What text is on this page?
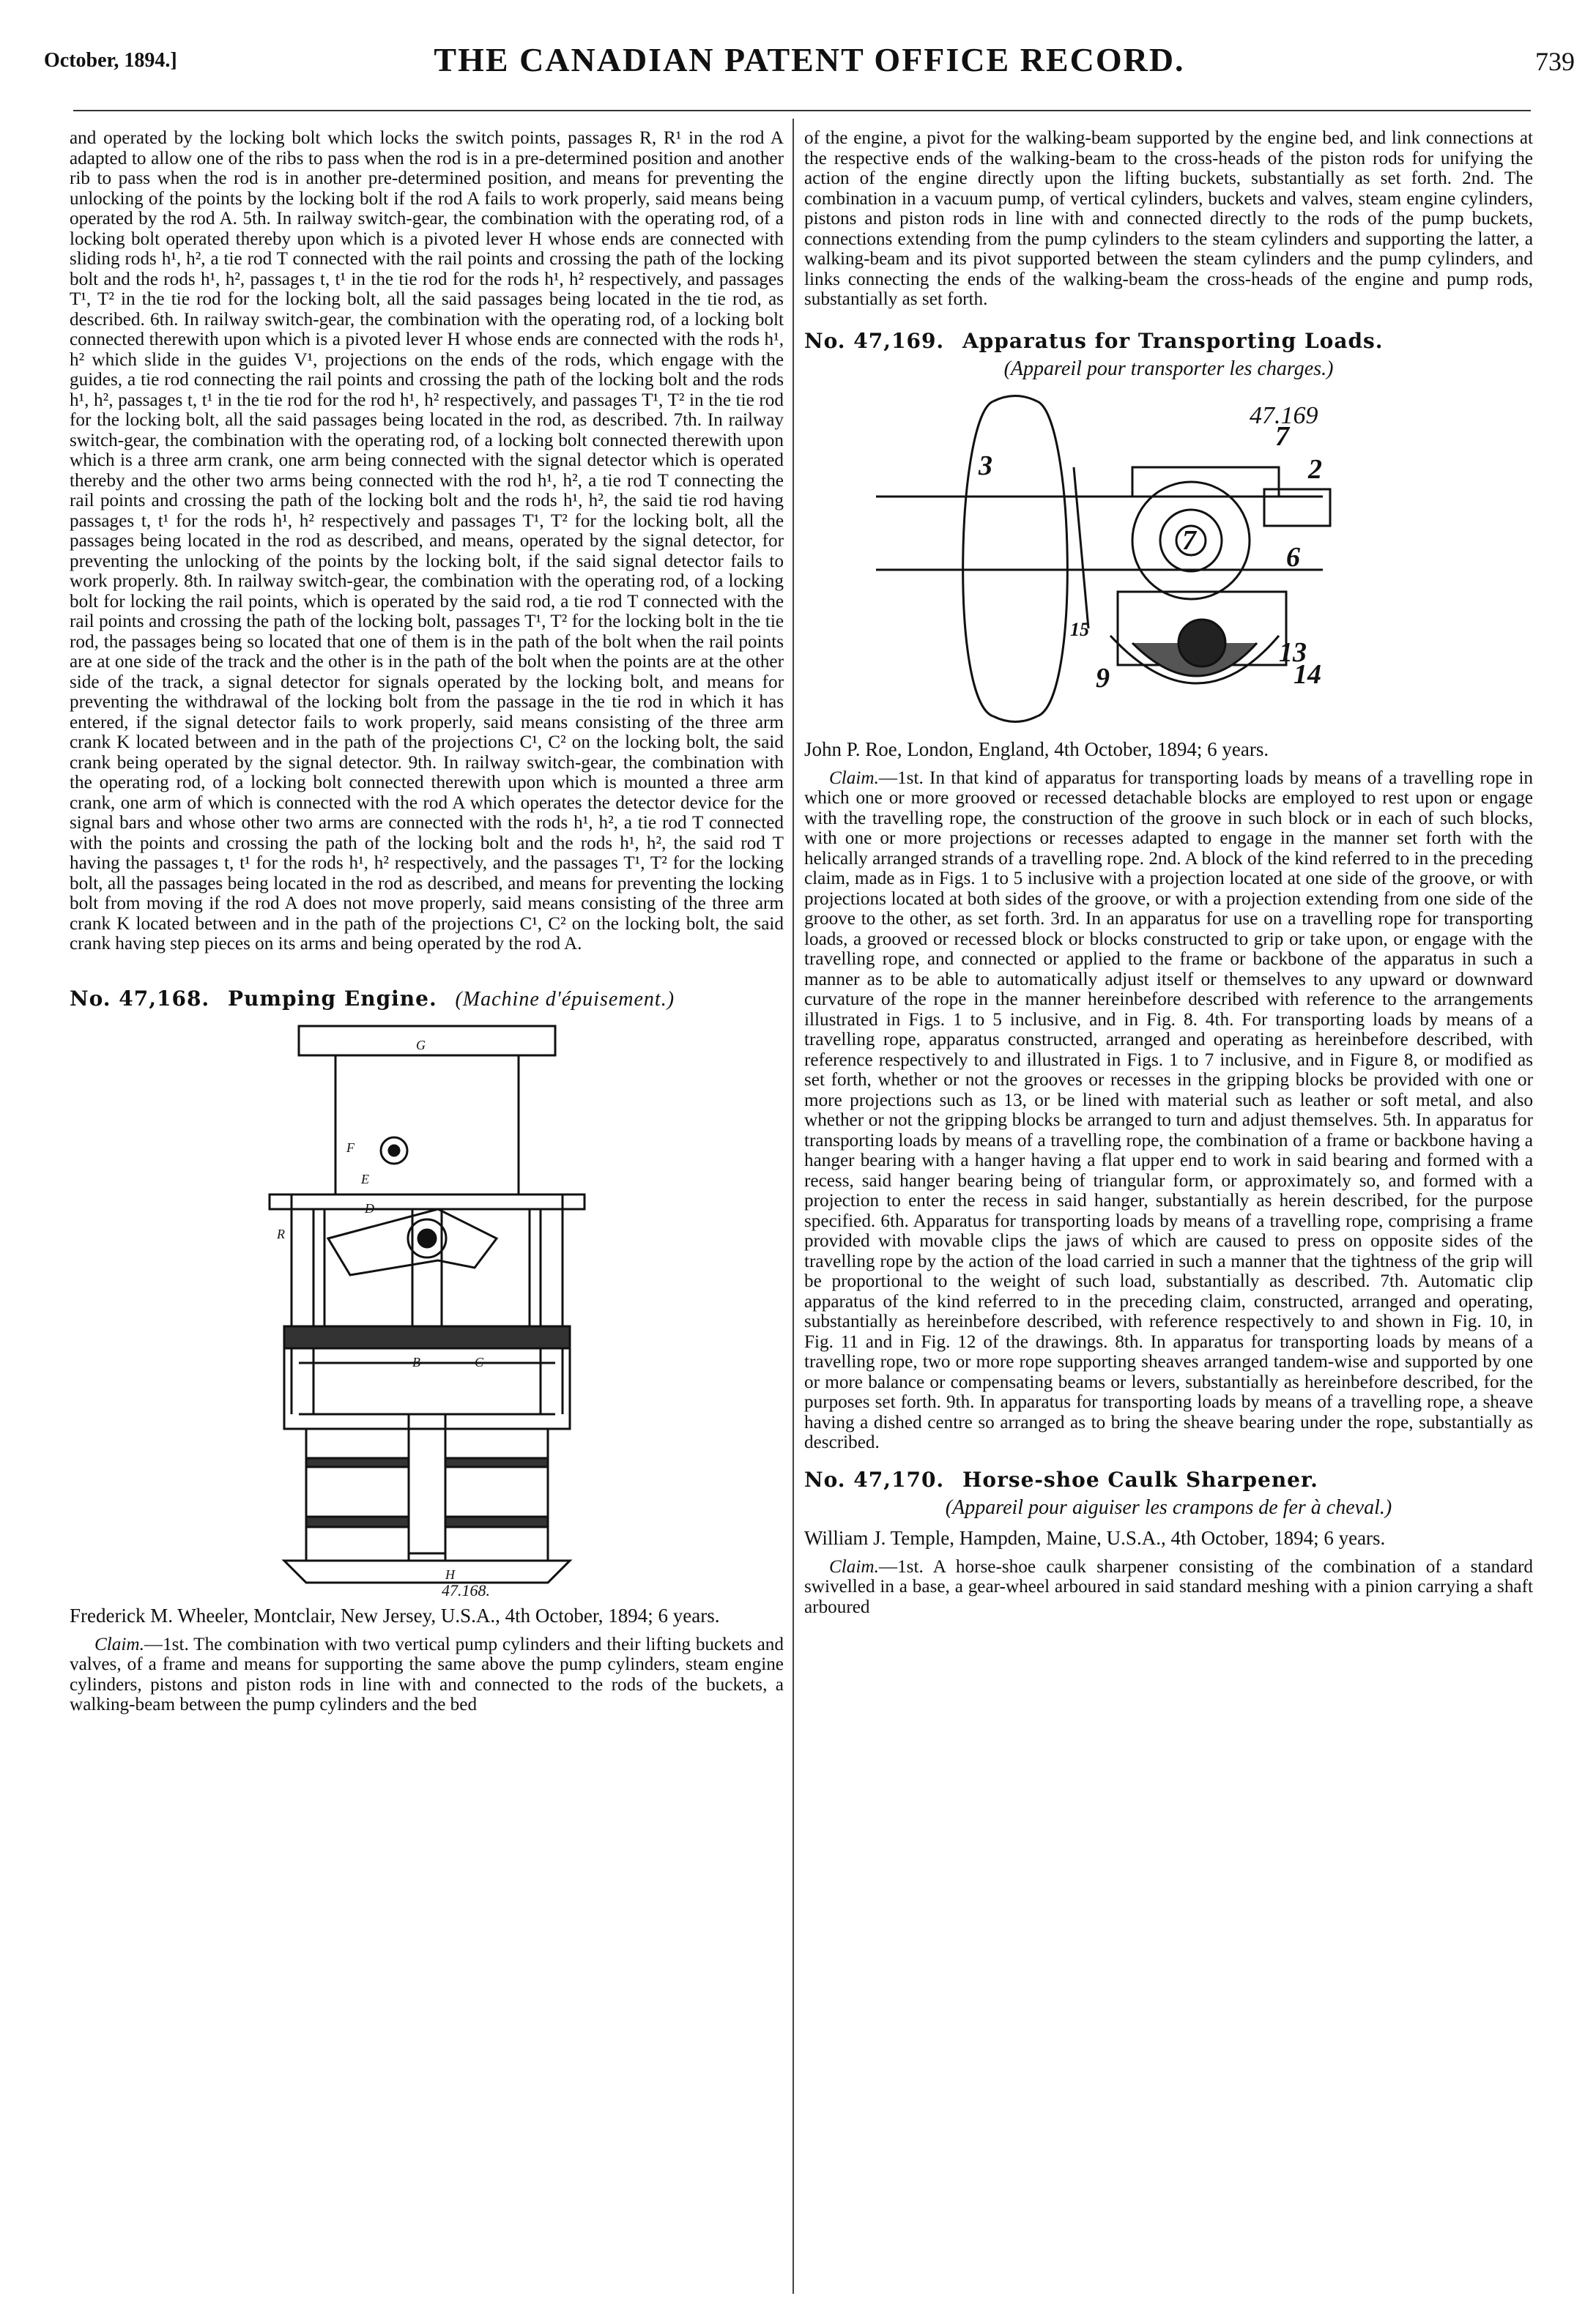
October, 1894.]	THE CANADIAN PATENT OFFICE RECORD.	739

and operated by the locking bolt which locks the switch points, passages R, R¹ in the rod A adapted to allow one of the ribs to pass when the rod is in a pre-determined position and another rib to pass when the rod is in another pre-determined position, and means for preventing the unlocking of the points by the locking bolt if the rod A fails to work properly, said means being operated by the rod A. 5th. In railway switch-gear, the combination with the operating rod, of a locking bolt operated thereby upon which is a pivoted lever H whose ends are connected with sliding rods h¹, h², a tie rod T connected with the rail points and crossing the path of the locking bolt and the rods h¹, h², passages t, t¹ in the tie rod for the rods h¹, h² respectively, and passages T¹, T² in the tie rod for the locking bolt, all the said passages being located in the tie rod, as described. 6th. In railway switch-gear, the combination with the operating rod, of a locking bolt connected therewith upon which is a pivoted lever H whose ends are connected with the rods h¹, h² which slide in the guides V¹, projections on the ends of the rods, which engage with the guides, a tie rod connecting the rail points and crossing the path of the locking bolt and the rods h¹, h², passages t, t¹ in the tie rod for the rod h¹, h² respectively, and passages T¹, T² in the tie rod for the locking bolt, all the said passages being located in the rod, as described. 7th. In railway switch-gear, the combination with the operating rod, of a locking bolt connected therewith upon which is a three arm crank, one arm being connected with the signal detector which is operated thereby and the other two arms being connected with the rod h¹, h², a tie rod T connecting the rail points and crossing the path of the locking bolt and the rods h¹, h², the said tie rod having passages t, t¹ for the rods h¹, h² respectively and passages T¹, T² for the locking bolt, all the passages being located in the rod as described, and means, operated by the signal detector, for preventing the unlocking of the points by the locking bolt, if the said signal detector fails to work properly. 8th. In railway switch-gear, the combination with the operating rod, of a locking bolt for locking the rail points, which is operated by the said rod, a tie rod T connected with the rail points and crossing the path of the locking bolt, passages T¹, T² for the locking bolt in the tie rod, the passages being so located that one of them is in the path of the bolt when the rail points are at one side of the track and the other is in the path of the bolt when the points are at the other side of the track, a signal detector for signals operated by the locking bolt, and means for preventing the withdrawal of the locking bolt from the passage in the tie rod in which it has entered, if the signal detector fails to work properly, said means consisting of the three arm crank K located between and in the path of the projections C¹, C² on the locking bolt, the said crank being operated by the signal detector. 9th. In railway switch-gear, the combination with the operating rod, of a locking bolt connected therewith upon which is mounted a three arm crank, one arm of which is connected with the rod A which operates the detector device for the signal bars and whose other two arms are connected with the rods h¹, h², a tie rod T connected with the points and crossing the path of the locking bolt and the rods h¹, h², the said rod T having the passages t, t¹ for the rods h¹, h² respectively, and the passages T¹, T² for the locking bolt, all the passages being located in the rod as described, and means for preventing the locking bolt from moving if the rod A does not move properly, said means consisting of the three arm crank K located between and in the path of the projections C¹, C² on the locking bolt, the said crank having step pieces on its arms and being operated by the rod A.

No. 47,168. Pumping Engine. (Machine d'épuisement.)
G
F
E
D
B	C
H
R
47.168.

Frederick M. Wheeler, Montclair, New Jersey, U.S.A., 4th October, 1894; 6 years.

Claim.—1st. The combination with two vertical pump cylinders and their lifting buckets and valves, of a frame and means for supporting the same above the pump cylinders, steam engine cylinders, pistons and piston rods in line with and connected to the rods of the buckets, a walking-beam between the pump cylinders and the bed

of the engine, a pivot for the walking-beam supported by the engine bed, and link connections at the respective ends of the walking-beam to the cross-heads of the piston rods for unifying the action of the engine directly upon the lifting buckets, substantially as set forth. 2nd. The combination in a vacuum pump, of vertical cylinders, buckets and valves, steam engine cylinders, pistons and piston rods in line with and connected directly to the rods of the pump buckets, connections extending from the pump cylinders to the steam cylinders and supporting the latter, a walking-beam and its pivot supported between the steam cylinders and the pump cylinders, and links connecting the ends of the walking-beam the cross-heads of the engine and pump rods, substantially as set forth.

No. 47,169. Apparatus for Transporting Loads.
(Appareil pour transporter les charges.)
3
7
7
2
6
13
14
9
15
47.169

John P. Roe, London, England, 4th October, 1894; 6 years.

Claim.—1st. In that kind of apparatus for transporting loads by means of a travelling rope in which one or more grooved or recessed detachable blocks are employed to rest upon or engage with the travelling rope, the construction of the groove in such block or in each of such blocks, with one or more projections or recesses adapted to engage in the manner set forth with the helically arranged strands of a travelling rope. 2nd. A block of the kind referred to in the preceding claim, made as in Figs. 1 to 5 inclusive with a projection located at one side of the groove, or with projections located at both sides of the groove, or with a projection extending from one side of the groove to the other, as set forth. 3rd. In an apparatus for use on a travelling rope for transporting loads, a grooved or recessed block or blocks constructed to grip or take upon, or engage with the travelling rope, and connected or applied to the frame or backbone of the apparatus in such a manner as to be able to automatically adjust itself or themselves to any upward or downward curvature of the rope in the manner hereinbefore described with reference to the arrangements illustrated in Figs. 1 to 5 inclusive, and in Fig. 8. 4th. For transporting loads by means of a travelling rope, apparatus constructed, arranged and operating as hereinbefore described, with reference respectively to and illustrated in Figs. 1 to 7 inclusive, and in Figure 8, or modified as set forth, whether or not the grooves or recesses in the gripping blocks be provided with one or more projections such as 13, or be lined with material such as leather or soft metal, and also whether or not the gripping blocks be arranged to turn and adjust themselves. 5th. In apparatus for transporting loads by means of a travelling rope, the combination of a frame or backbone having a hanger bearing with a hanger having a flat upper end to work in said bearing and formed with a recess, said hanger bearing being of triangular form, or approximately so, and formed with a projection to enter the recess in said hanger, substantially as herein described, for the purpose specified. 6th. Apparatus for transporting loads by means of a travelling rope, comprising a frame provided with movable clips the jaws of which are caused to press on opposite sides of the travelling rope by the action of the load carried in such a manner that the tightness of the grip will be proportional to the weight of such load, substantially as described. 7th. Automatic clip apparatus of the kind referred to in the preceding claim, constructed, arranged and operating, substantially as hereinbefore described, with reference respectively to and shown in Fig. 10, in Fig. 11 and in Fig. 12 of the drawings. 8th. In apparatus for transporting loads by means of a travelling rope, two or more rope supporting sheaves arranged tandem-wise and supported by one or more balance or compensating beams or levers, substantially as hereinbefore described, for the purposes set forth. 9th. In apparatus for transporting loads by means of a travelling rope, a sheave having a dished centre so arranged as to bring the sheave bearing under the rope, substantially as described.

No. 47,170. Horse-shoe Caulk Sharpener.
(Appareil pour aiguiser les crampons de fer à cheval.)

William J. Temple, Hampden, Maine, U.S.A., 4th October, 1894; 6 years.

Claim.—1st. A horse-shoe caulk sharpener consisting of the combination of a standard swivelled in a base, a gear-wheel arboured in said standard meshing with a pinion carrying a shaft arboured
